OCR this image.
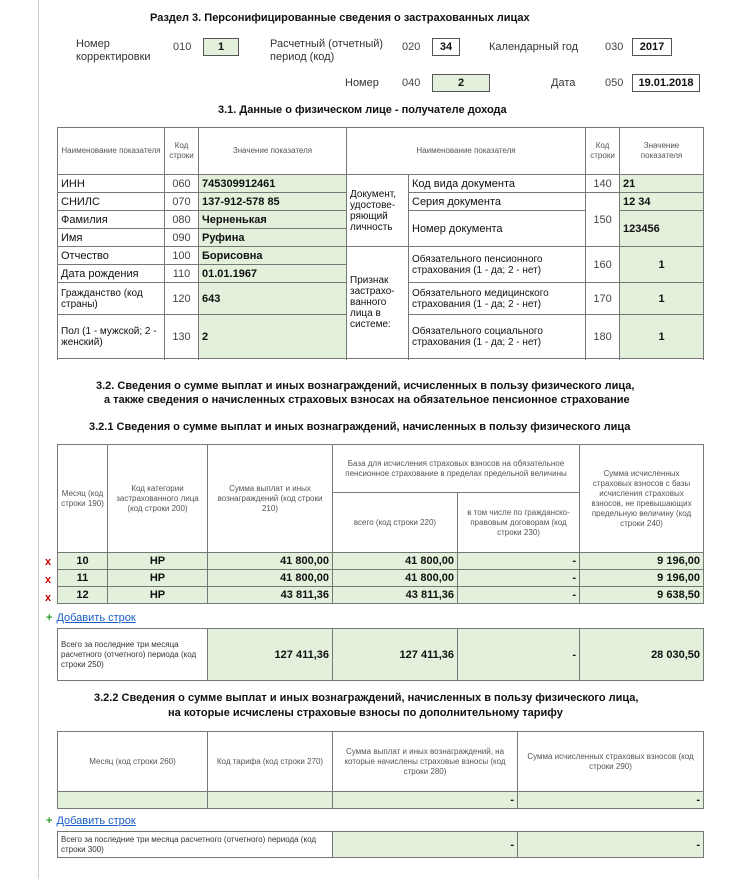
Раздел 3. Персонифицированные сведения о застрахованных лицах
Номер корректировки
010	1	Расчетный (отчетный) период (код)
020	34	Календарный год 030	2017
Номер 040	2	Дата	050	19.01.2018
3.1. Данные о физическом лице - получателе дохода
Наименование показателя	Код строки	Значение показателя	Наименование показателя		Код строки	Значение показателя
ИНН	060	745309912461	Документ, удостове-ряющий личность	Код вида документа	140	21
СНИЛС	070	137-912-578 85		Серия документа	150	12 34
Фамилия	080	Черненькая		Номер документа		123456
Имя	090	Руфина				
Отчество	100	Борисовна	Признак застрахо-ванного лица в системе:	Обязательного пенсионного страхования (1 - да; 2 - нет)	160	1
Дата рождения	110	01.01.1967				
Гражданство (код страны)	120	643		Обязательного медицинского страхования (1 - да; 2 - нет)	170	1
Пол (1 - мужской; 2 - женский)	130	2		Обязательного социального страхования (1 - да; 2 - нет)	180	1

3.2. Сведения о сумме выплат и иных вознаграждений, исчисленных в пользу физического лица,
а также сведения о начисленных страховых взносах на обязательное пенсионное страхование
3.2.1 Сведения о сумме выплат и иных вознаграждений, начисленных в пользу физического лица
Месяц (код строки 190)	Код категории застрахованного лица (код строки 200)	Сумма выплат и иных вознаграждений (код строки 210)	База для исчисления страховых взносов на обязательное пенсионное страхование в пределах предельной величины		Сумма исчисленных страховых взносов с базы исчисления страховых взносов, не превышающих предельную величину (код строки 240)
			всего (код строки 220)	в том числе по гражданско-правовым договорам (код строки 230)	
10	НР	41 800,00	41 800,00	-	9 196,00
11	НР	41 800,00	41 800,00	-	9 196,00
12	НР	43 811,36	43 811,36	-	9 638,50
x
x
x
+ Добавить строк
Всего за последние три месяца расчетного (отчетного) периода (код строки 250)	127 411,36	127 411,36	-	28 030,50
3.2.2 Сведения о сумме выплат и иных вознаграждений, начисленных в пользу физического лица,
на которые исчислены страховые взносы по дополнительному тарифу
Месяц (код строки 260)	Код тарифа (код строки 270)	Сумма выплат и иных вознаграждений, на которые начислены страховые взносы (код строки 280)	Сумма исчисленных страховых взносов (код строки 290)
		-	-
+ Добавить строк
Всего за последние три месяца расчетного (отчетного) периода (код строки 300)	-	-
